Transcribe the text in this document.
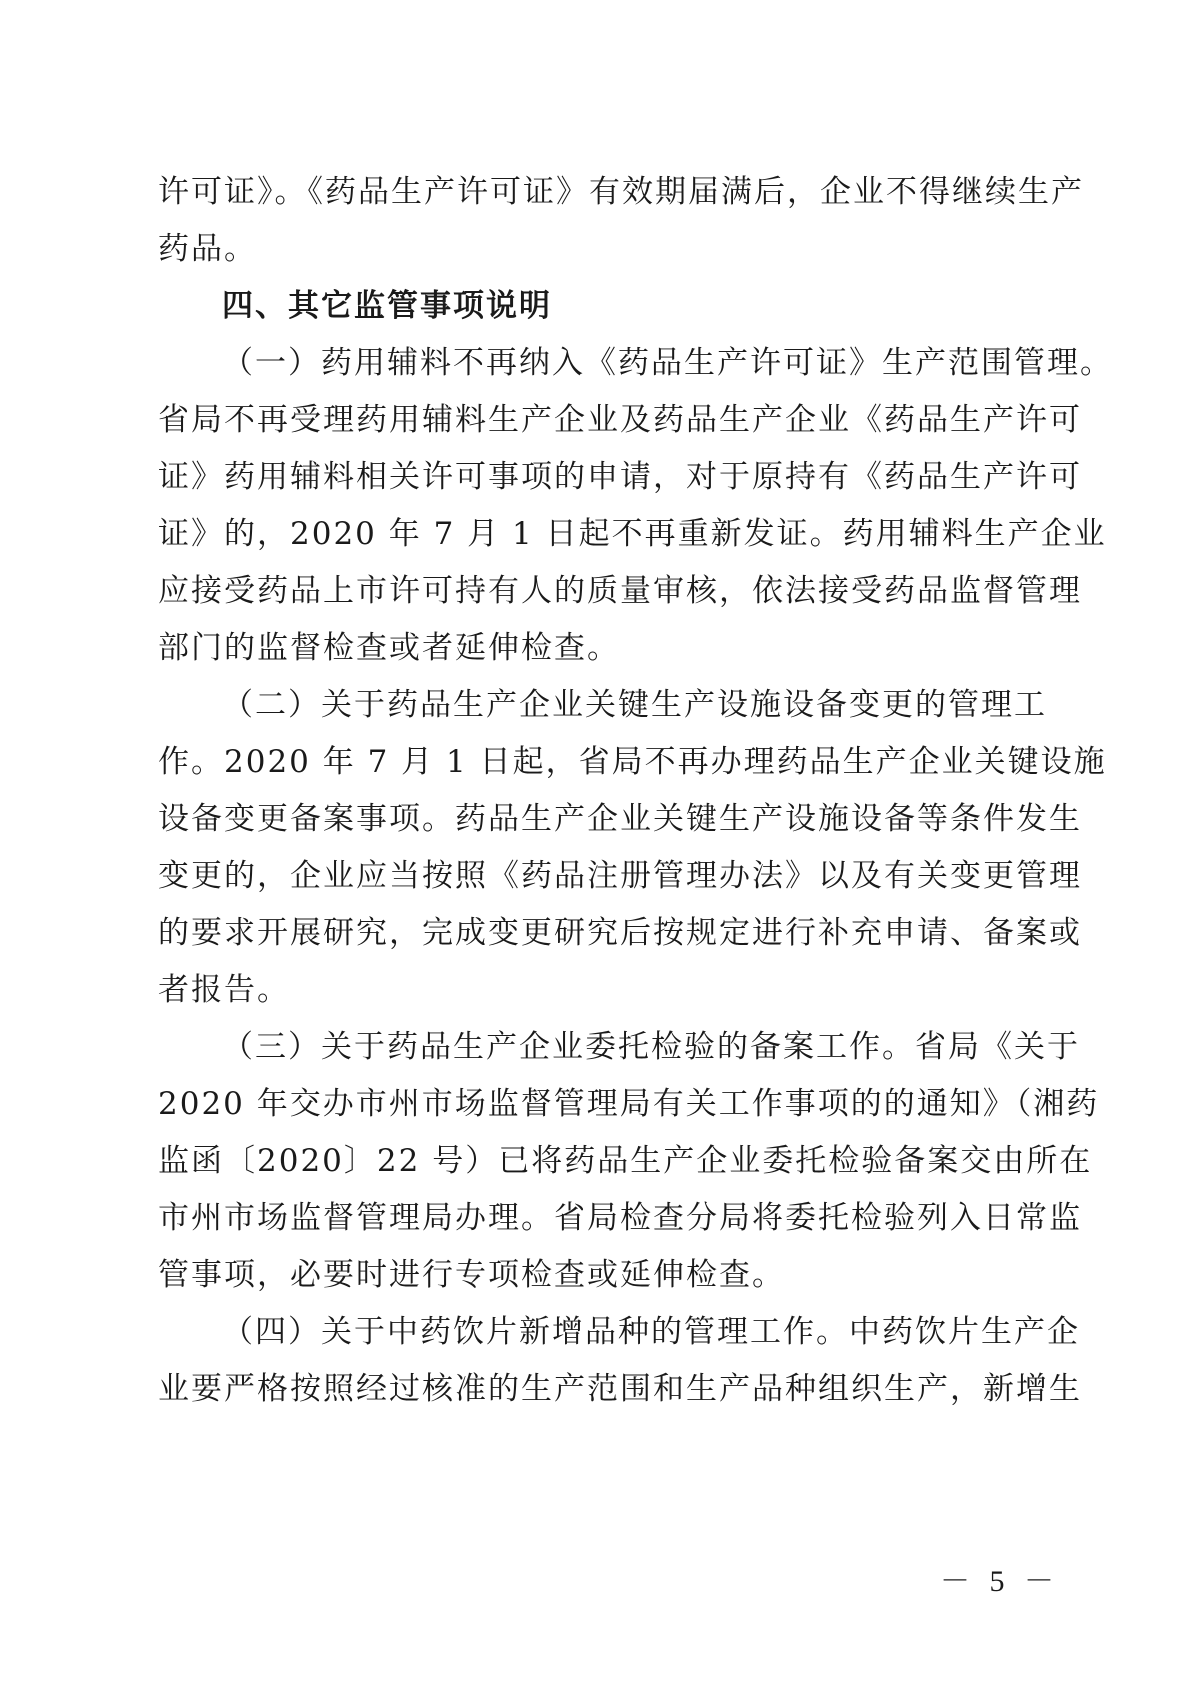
许可证》。《药品生产许可证》有效期届满后，企业不得继续生产
药品。
四、其它监管事项说明
（一）药用辅料不再纳入《药品生产许可证》生产范围管理。
省局不再受理药用辅料生产企业及药品生产企业《药品生产许可
证》药用辅料相关许可事项的申请，对于原持有《药品生产许可
证》的，2020 年 7 月 1 日起不再重新发证。药用辅料生产企业
应接受药品上市许可持有人的质量审核，依法接受药品监督管理
部门的监督检查或者延伸检查。
（二）关于药品生产企业关键生产设施设备变更的管理工
作。2020 年 7 月 1 日起，省局不再办理药品生产企业关键设施
设备变更备案事项。药品生产企业关键生产设施设备等条件发生
变更的，企业应当按照《药品注册管理办法》以及有关变更管理
的要求开展研究，完成变更研究后按规定进行补充申请、备案或
者报告。
（三）关于药品生产企业委托检验的备案工作。省局《关于
2020 年交办市州市场监督管理局有关工作事项的的通知》（湘药
监函〔2020〕22 号）已将药品生产企业委托检验备案交由所在
市州市场监督管理局办理。省局检查分局将委托检验列入日常监
管事项，必要时进行专项检查或延伸检查。
（四）关于中药饮片新增品种的管理工作。中药饮片生产企
业要严格按照经过核准的生产范围和生产品种组织生产，新增生
－ 5 －
